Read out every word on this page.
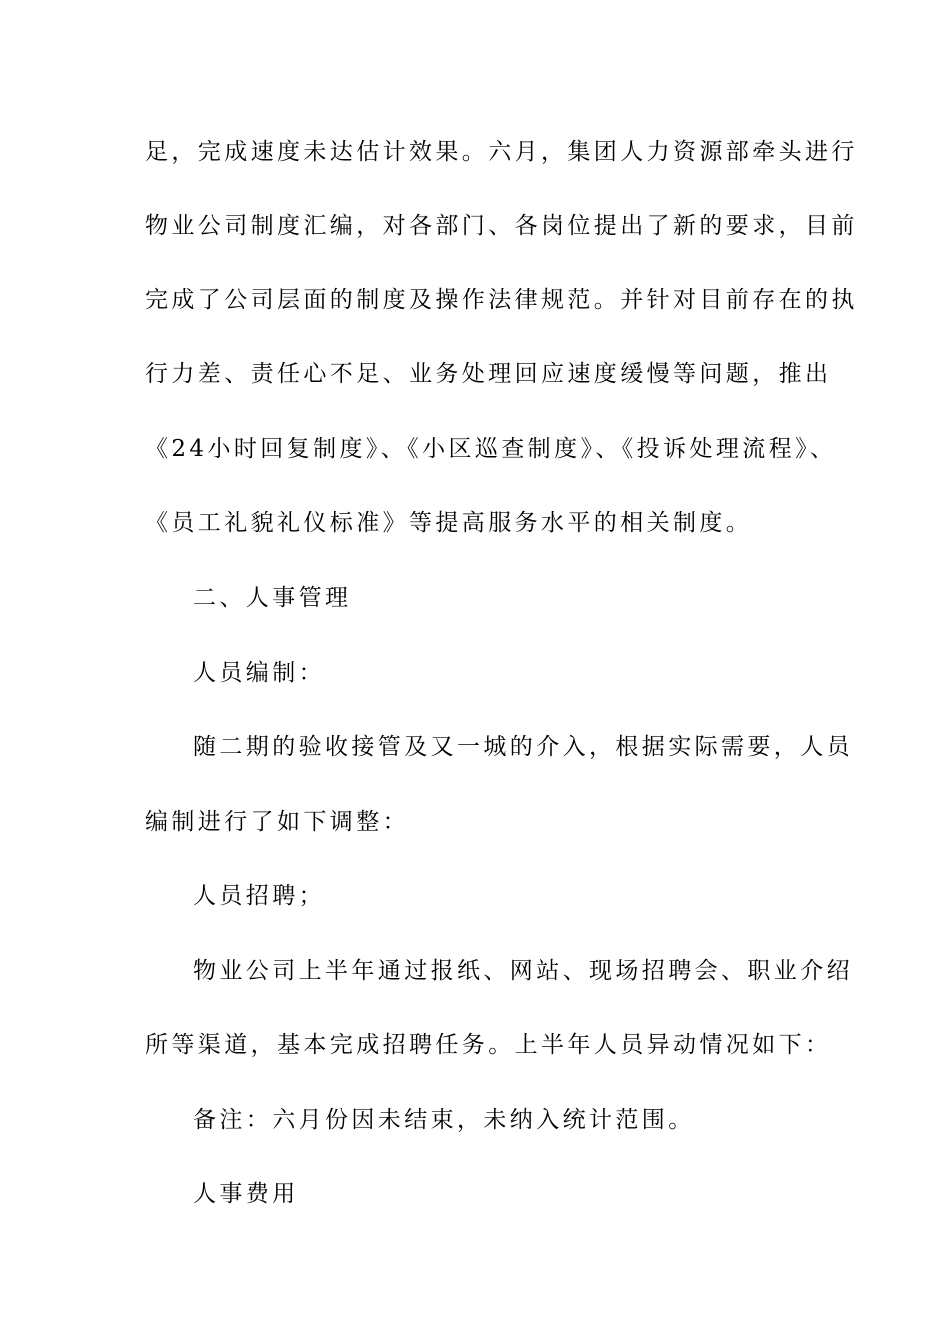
足，完成速度未达估计效果。六月，集团人力资源部牵头进行
物业公司制度汇编，对各部门、各岗位提出了新的要求，目前
完成了公司层面的制度及操作法律规范。并针对目前存在的执
行力差、责任心不足、业务处理回应速度缓慢等问题，推出
《24小时回复制度》、《小区巡查制度》、《投诉处理流程》、
《员工礼貌礼仪标准》等提高服务水平的相关制度。
二、人事管理
人员编制：
随二期的验收接管及又一城的介入，根据实际需要，人员
编制进行了如下调整：
人员招聘；
物业公司上半年通过报纸、网站、现场招聘会、职业介绍
所等渠道，基本完成招聘任务。上半年人员异动情况如下：
备注：六月份因未结束，未纳入统计范围。
人事费用
